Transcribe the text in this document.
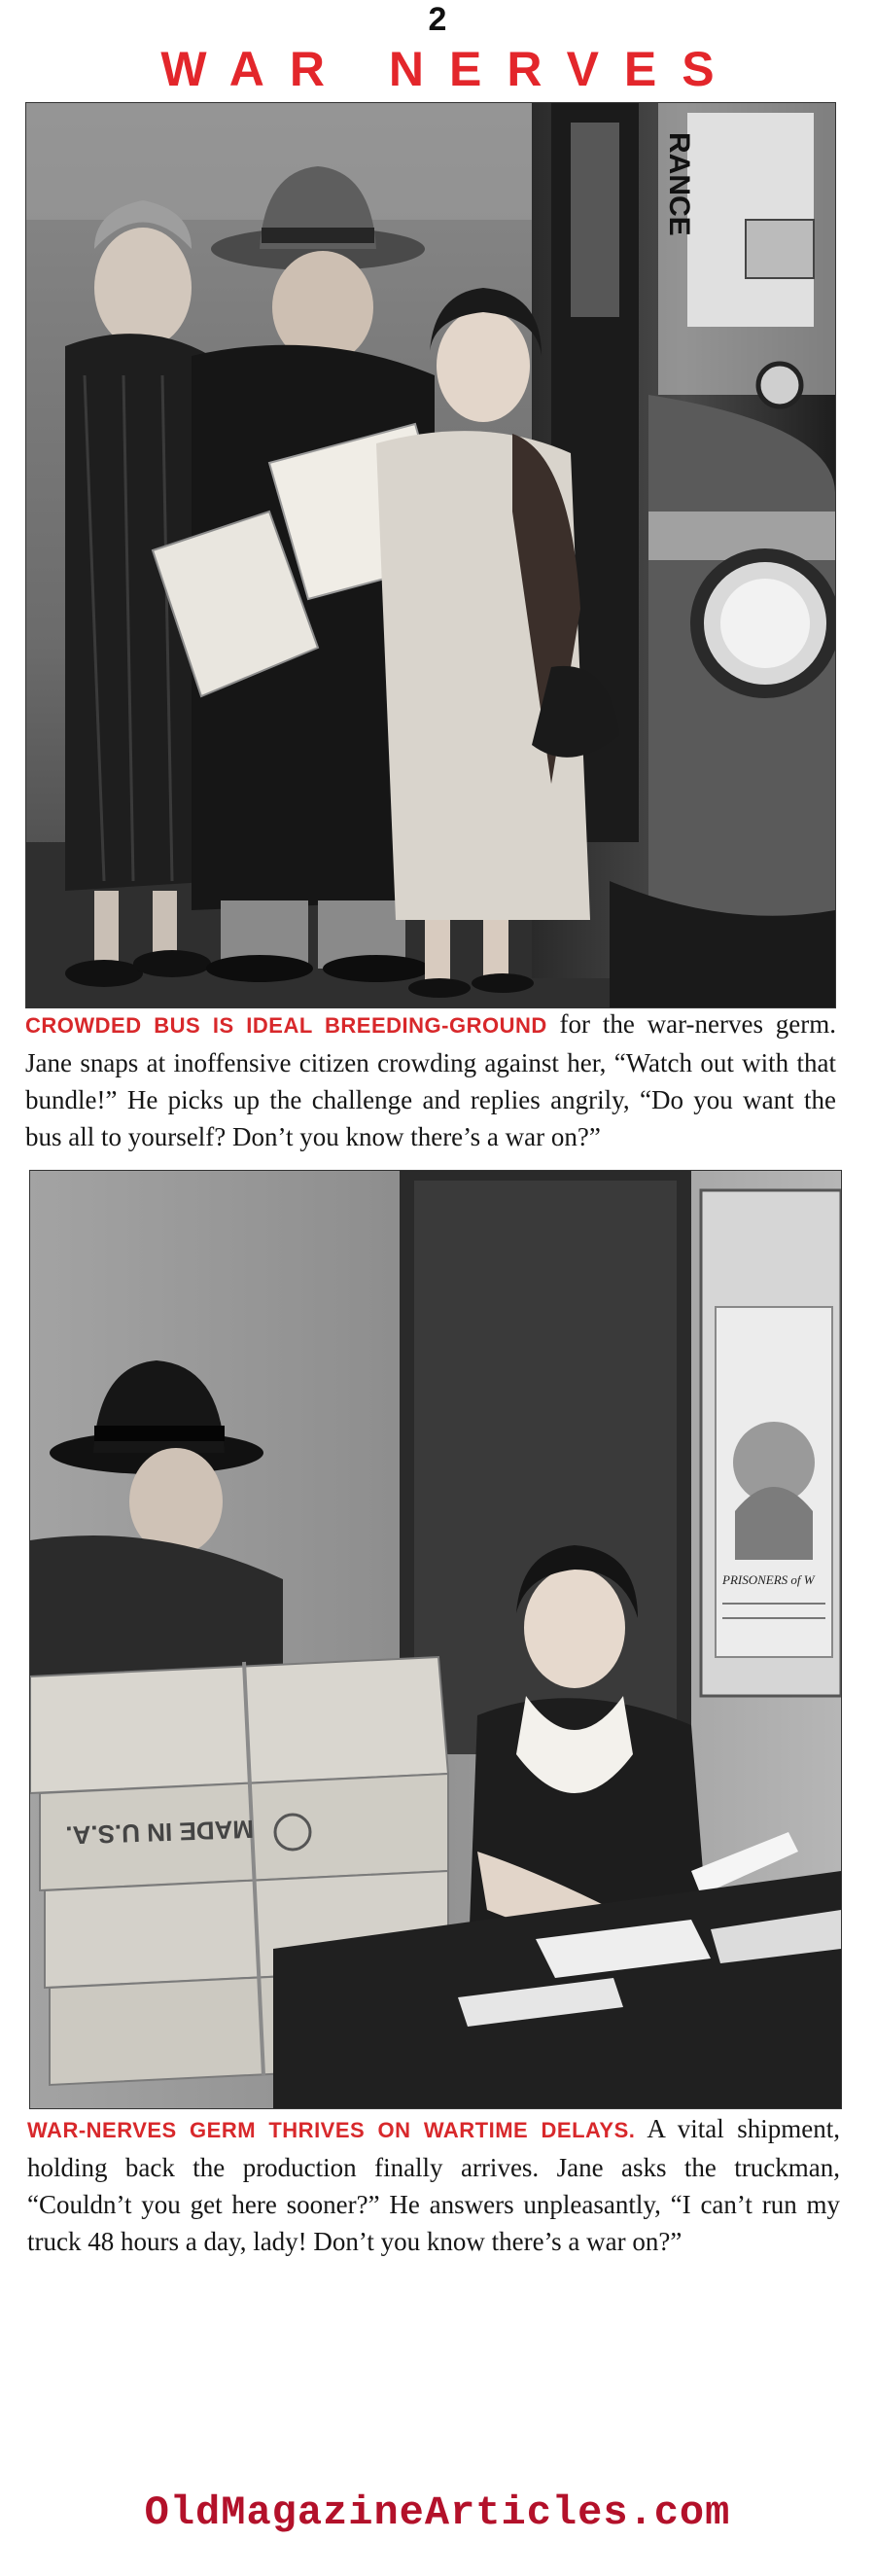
2
WAR NERVES
RANCE
CROWDED BUS IS IDEAL BREEDING-GROUND for the war-nerves germ. Jane snaps at inoffensive citizen crowding against her, “Watch out with that bundle!” He picks up the challenge and replies angrily, “Do you want the bus all to yourself? Don’t you know there’s a war on?”
PRISONERS of W
MADE IN U.S.A.
WAR-NERVES GERM THRIVES ON WARTIME DELAYS. A vital shipment, holding back the production finally arrives. Jane asks the truckman, “Couldn’t you get here sooner?” He answers unpleasantly, “I can’t run my truck 48 hours a day, lady! Don’t you know there’s a war on?”
OldMagazineArticles.com
